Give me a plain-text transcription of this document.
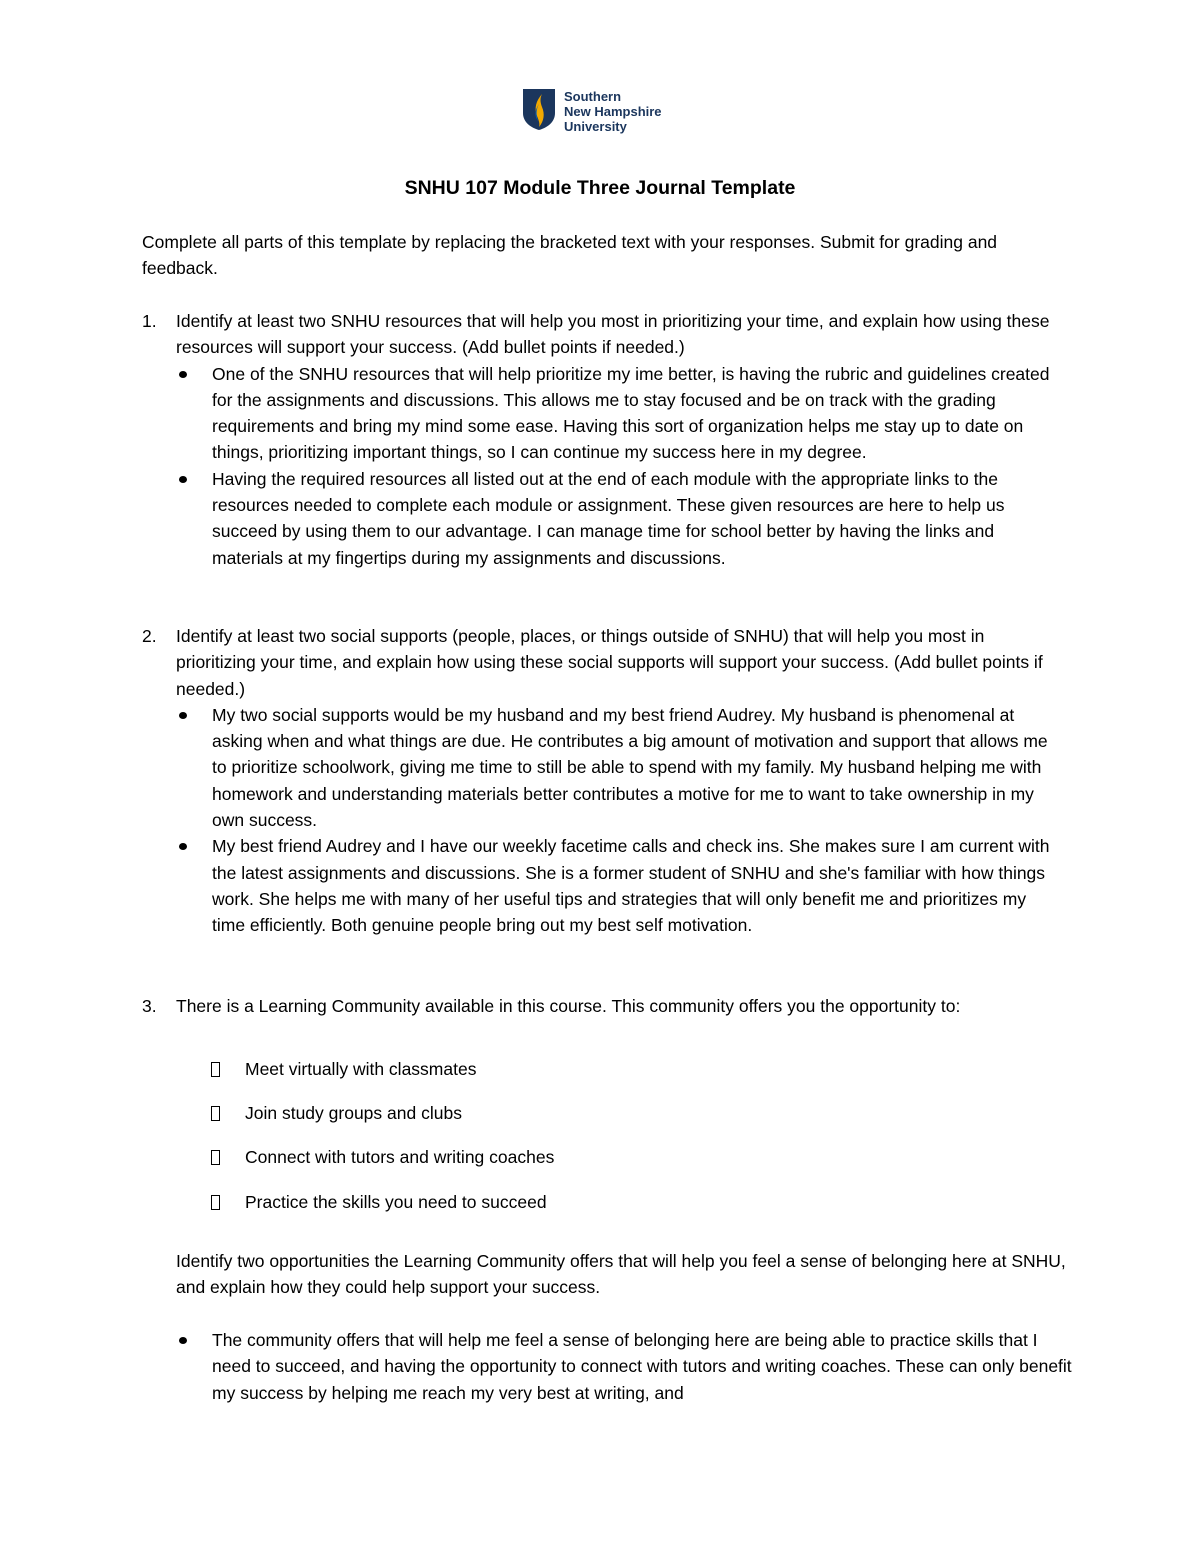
Southern
New Hampshire
University
SNHU 107 Module Three Journal Template
Complete all parts of this template by replacing the bracketed text with your responses. Submit for grading and feedback.
1. Identify at least two SNHU resources that will help you most in prioritizing your time, and explain how using these resources will support your success. (Add bullet points if needed.)
One of the SNHU resources that will help prioritize my ime better, is having the rubric and guidelines created for the assignments and discussions. This allows me to stay focused and be on track with the grading requirements and bring my mind some ease. Having this sort of organization helps me stay up to date on things, prioritizing important things, so I can continue my success here in my degree.
Having the required resources all listed out at the end of each module with the appropriate links to the resources needed to complete each module or assignment. These given resources are here to help us succeed by using them to our advantage. I can manage time for school better by having the links and materials at my fingertips during my assignments and discussions.
2. Identify at least two social supports (people, places, or things outside of SNHU) that will help you most in prioritizing your time, and explain how using these social supports will support your success. (Add bullet points if needed.)
My two social supports would be my husband and my best friend Audrey. My husband is phenomenal at asking when and what things are due. He contributes a big amount of motivation and support that allows me to prioritize schoolwork, giving me time to still be able to spend with my family. My husband helping me with homework and understanding materials better contributes a motive for me to want to take ownership in my own success.
My best friend Audrey and I have our weekly facetime calls and check ins. She makes sure I am current with the latest assignments and discussions. She is a former student of SNHU and she's familiar with how things work. She helps me with many of her useful tips and strategies that will only benefit me and prioritizes my time efficiently. Both genuine people bring out my best self motivation.
3. There is a Learning Community available in this course. This community offers you the opportunity to:
Meet virtually with classmates
Join study groups and clubs
Connect with tutors and writing coaches
Practice the skills you need to succeed
Identify two opportunities the Learning Community offers that will help you feel a sense of belonging here at SNHU, and explain how they could help support your success.
The community offers that will help me feel a sense of belonging here are being able to practice skills that I need to succeed, and having the opportunity to connect with tutors and writing coaches. These can only benefit my success by helping me reach my very best at writing, and
